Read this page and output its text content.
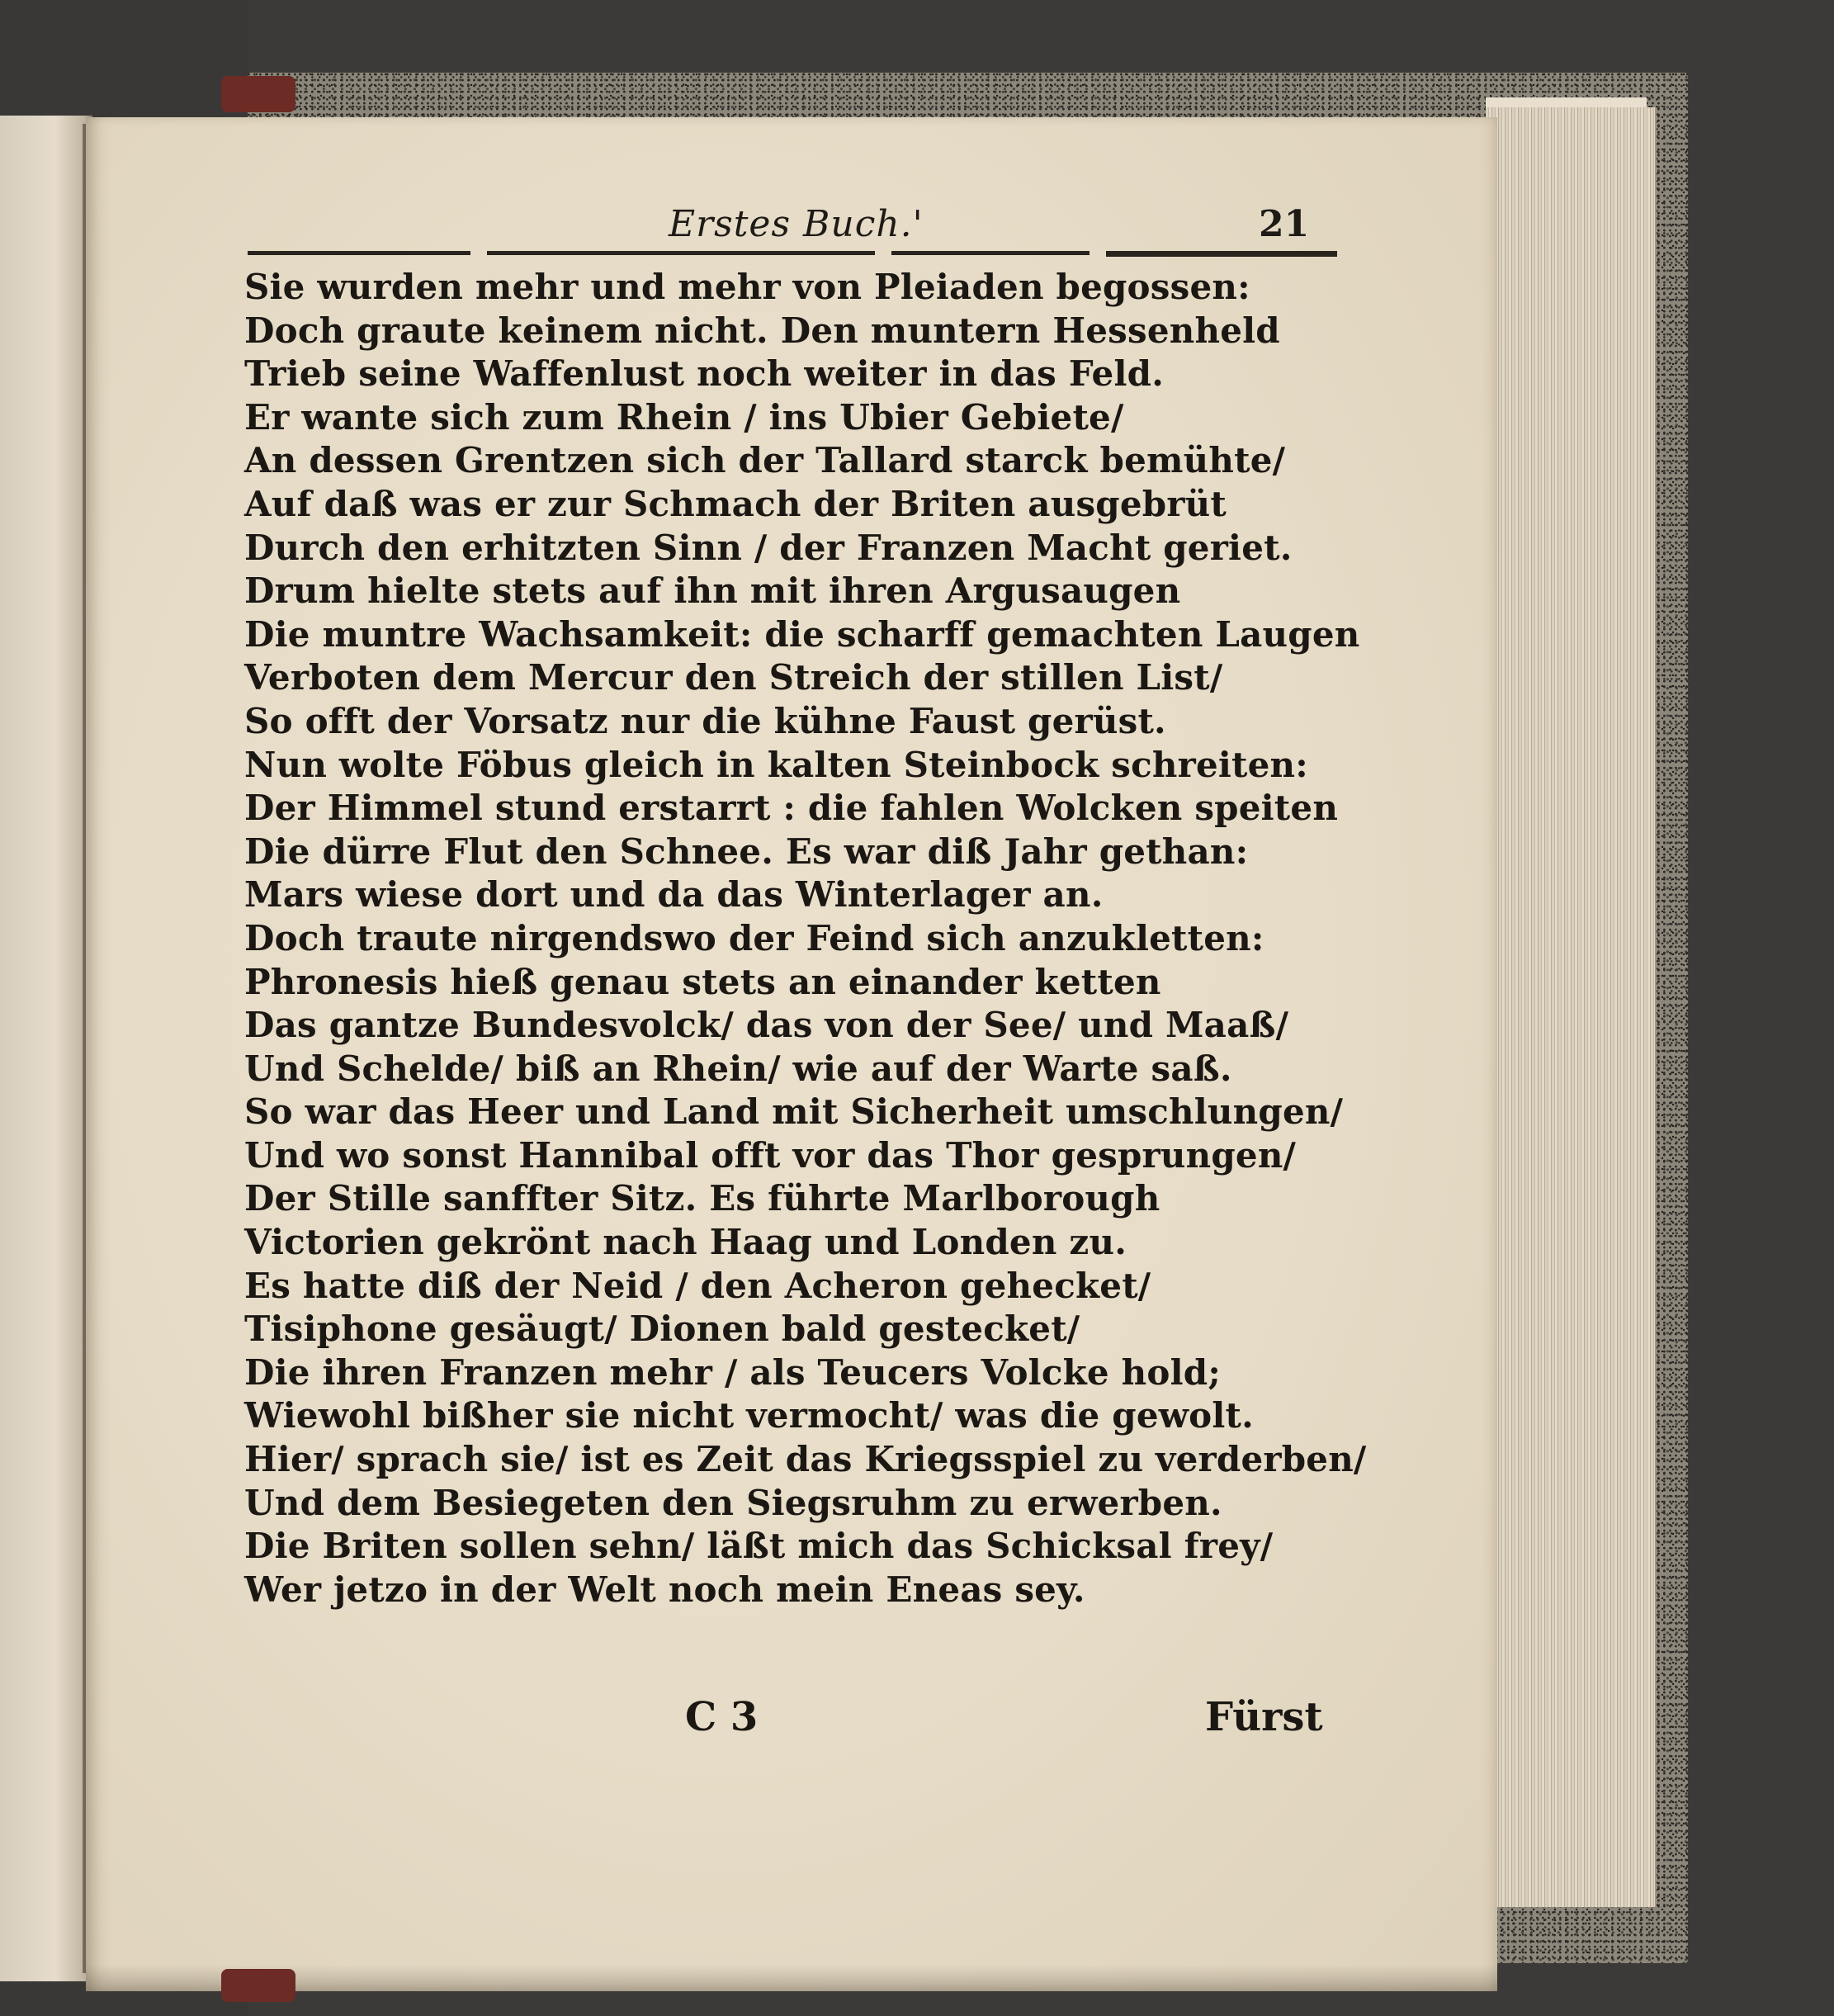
Erstes Buch.'	21
Sie wurden mehr und mehr von Pleiaden begossen:
Doch graute keinem nicht. Den muntern Hessenheld
Trieb seine Waffenlust noch weiter in das Feld.
Er wante sich zum Rhein / ins Ubier Gebiete/
An dessen Grentzen sich der Tallard starck bemühte/
Auf daß was er zur Schmach der Briten ausgebrüt
Durch den erhitzten Sinn / der Franzen Macht geriet.
Drum hielte stets auf ihn mit ihren Argusaugen
Die muntre Wachsamkeit: die scharff gemachten Laugen
Verboten dem Mercur den Streich der stillen List/
So offt der Vorsatz nur die kühne Faust gerüst.
Nun wolte Föbus gleich in kalten Steinbock schreiten:
Der Himmel stund erstarrt : die fahlen Wolcken speiten
Die dürre Flut den Schnee. Es war diß Jahr gethan:
Mars wiese dort und da das Winterlager an.
Doch traute nirgendswo der Feind sich anzukletten:
Phronesis hieß genau stets an einander ketten
Das gantze Bundesvolck/ das von der See/ und Maaß/
Und Schelde/ biß an Rhein/ wie auf der Warte saß.
So war das Heer und Land mit Sicherheit umschlungen/
Und wo sonst Hannibal offt vor das Thor gesprungen/
Der Stille sanffter Sitz. Es führte Marlborough
Victorien gekrönt nach Haag und Londen zu.
Es hatte diß der Neid / den Acheron gehecket/
Tisiphone gesäugt/ Dionen bald gestecket/
Die ihren Franzen mehr / als Teucers Volcke hold;
Wiewohl bißher sie nicht vermocht/ was die gewolt.
Hier/ sprach sie/ ist es Zeit das Kriegsspiel zu verderben/
Und dem Besiegeten den Siegsruhm zu erwerben.
Die Briten sollen sehn/ läßt mich das Schicksal frey/
Wer jetzo in der Welt noch mein Eneas sey.
C 3	Fürst
